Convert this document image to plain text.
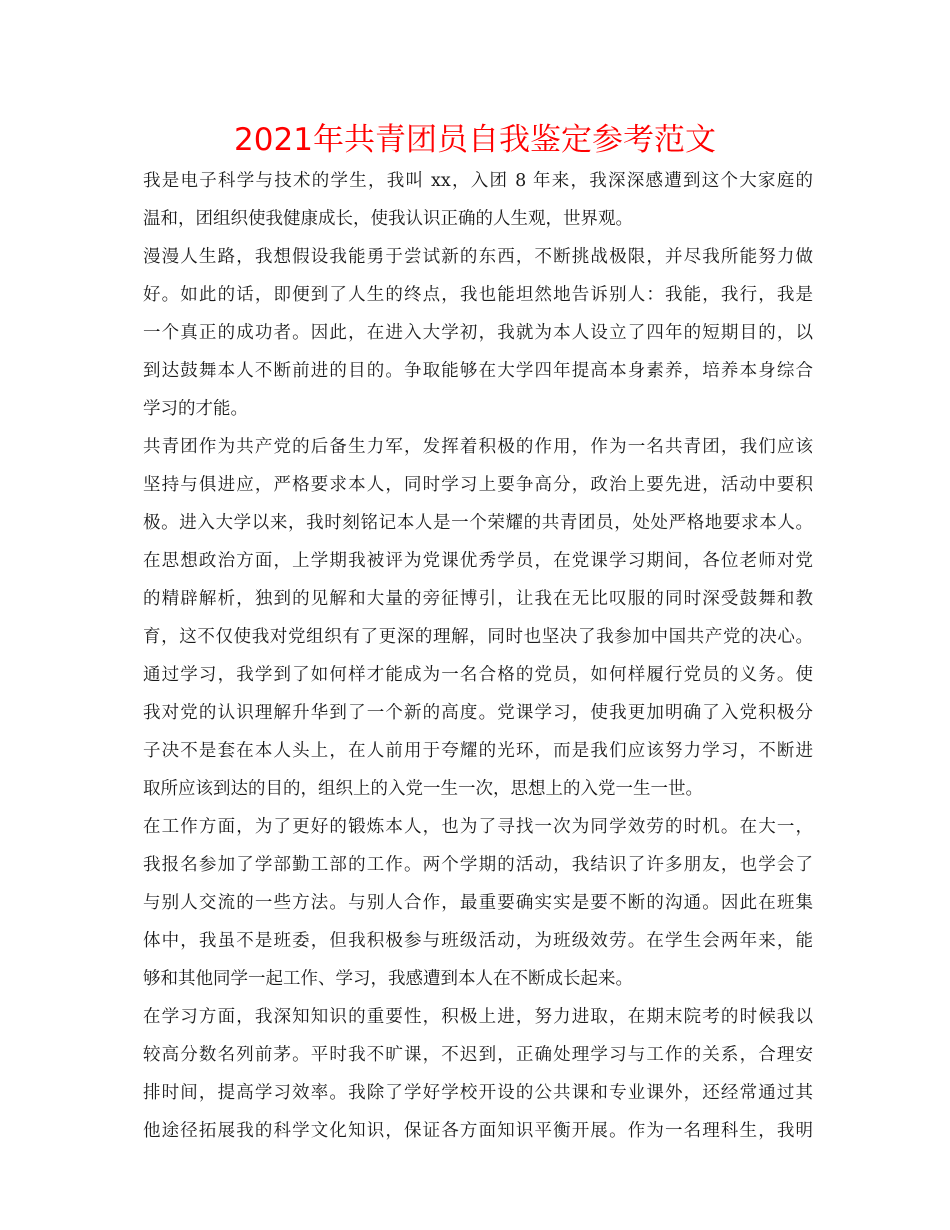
2021年共青团员自我鉴定参考范文
我是电子科学与技术的学生，我叫 xx，入团 8 年来，我深深感遭到这个大家庭的
温和，团组织使我健康成长，使我认识正确的人生观，世界观。
漫漫人生路，我想假设我能勇于尝试新的东西，不断挑战极限，并尽我所能努力做
好。如此的话，即便到了人生的终点，我也能坦然地告诉别人：我能，我行，我是
一个真正的成功者。因此，在进入大学初，我就为本人设立了四年的短期目的，以
到达鼓舞本人不断前进的目的。争取能够在大学四年提高本身素养，培养本身综合
学习的才能。
共青团作为共产党的后备生力军，发挥着积极的作用，作为一名共青团，我们应该
坚持与俱进应，严格要求本人，同时学习上要争高分，政治上要先进，活动中要积
极。进入大学以来，我时刻铭记本人是一个荣耀的共青团员，处处严格地要求本人。
在思想政治方面，上学期我被评为党课优秀学员，在党课学习期间，各位老师对党
的精辟解析，独到的见解和大量的旁征博引，让我在无比叹服的同时深受鼓舞和教
育，这不仅使我对党组织有了更深的理解，同时也坚决了我参加中国共产党的决心。
通过学习，我学到了如何样才能成为一名合格的党员，如何样履行党员的义务。使
我对党的认识理解升华到了一个新的高度。党课学习，使我更加明确了入党积极分
子决不是套在本人头上，在人前用于夸耀的光环，而是我们应该努力学习，不断进
取所应该到达的目的，组织上的入党一生一次，思想上的入党一生一世。
在工作方面，为了更好的锻炼本人，也为了寻找一次为同学效劳的时机。在大一，
我报名参加了学部勤工部的工作。两个学期的活动，我结识了许多朋友，也学会了
与别人交流的一些方法。与别人合作，最重要确实实是要不断的沟通。因此在班集
体中，我虽不是班委，但我积极参与班级活动，为班级效劳。在学生会两年来，能
够和其他同学一起工作、学习，我感遭到本人在不断成长起来。
在学习方面，我深知知识的重要性，积极上进，努力进取，在期末院考的时候我以
较高分数名列前茅。平时我不旷课，不迟到，正确处理学习与工作的关系，合理安
排时间，提高学习效率。我除了学好学校开设的公共课和专业课外，还经常通过其
他途径拓展我的科学文化知识，保证各方面知识平衡开展。作为一名理科生，我明
